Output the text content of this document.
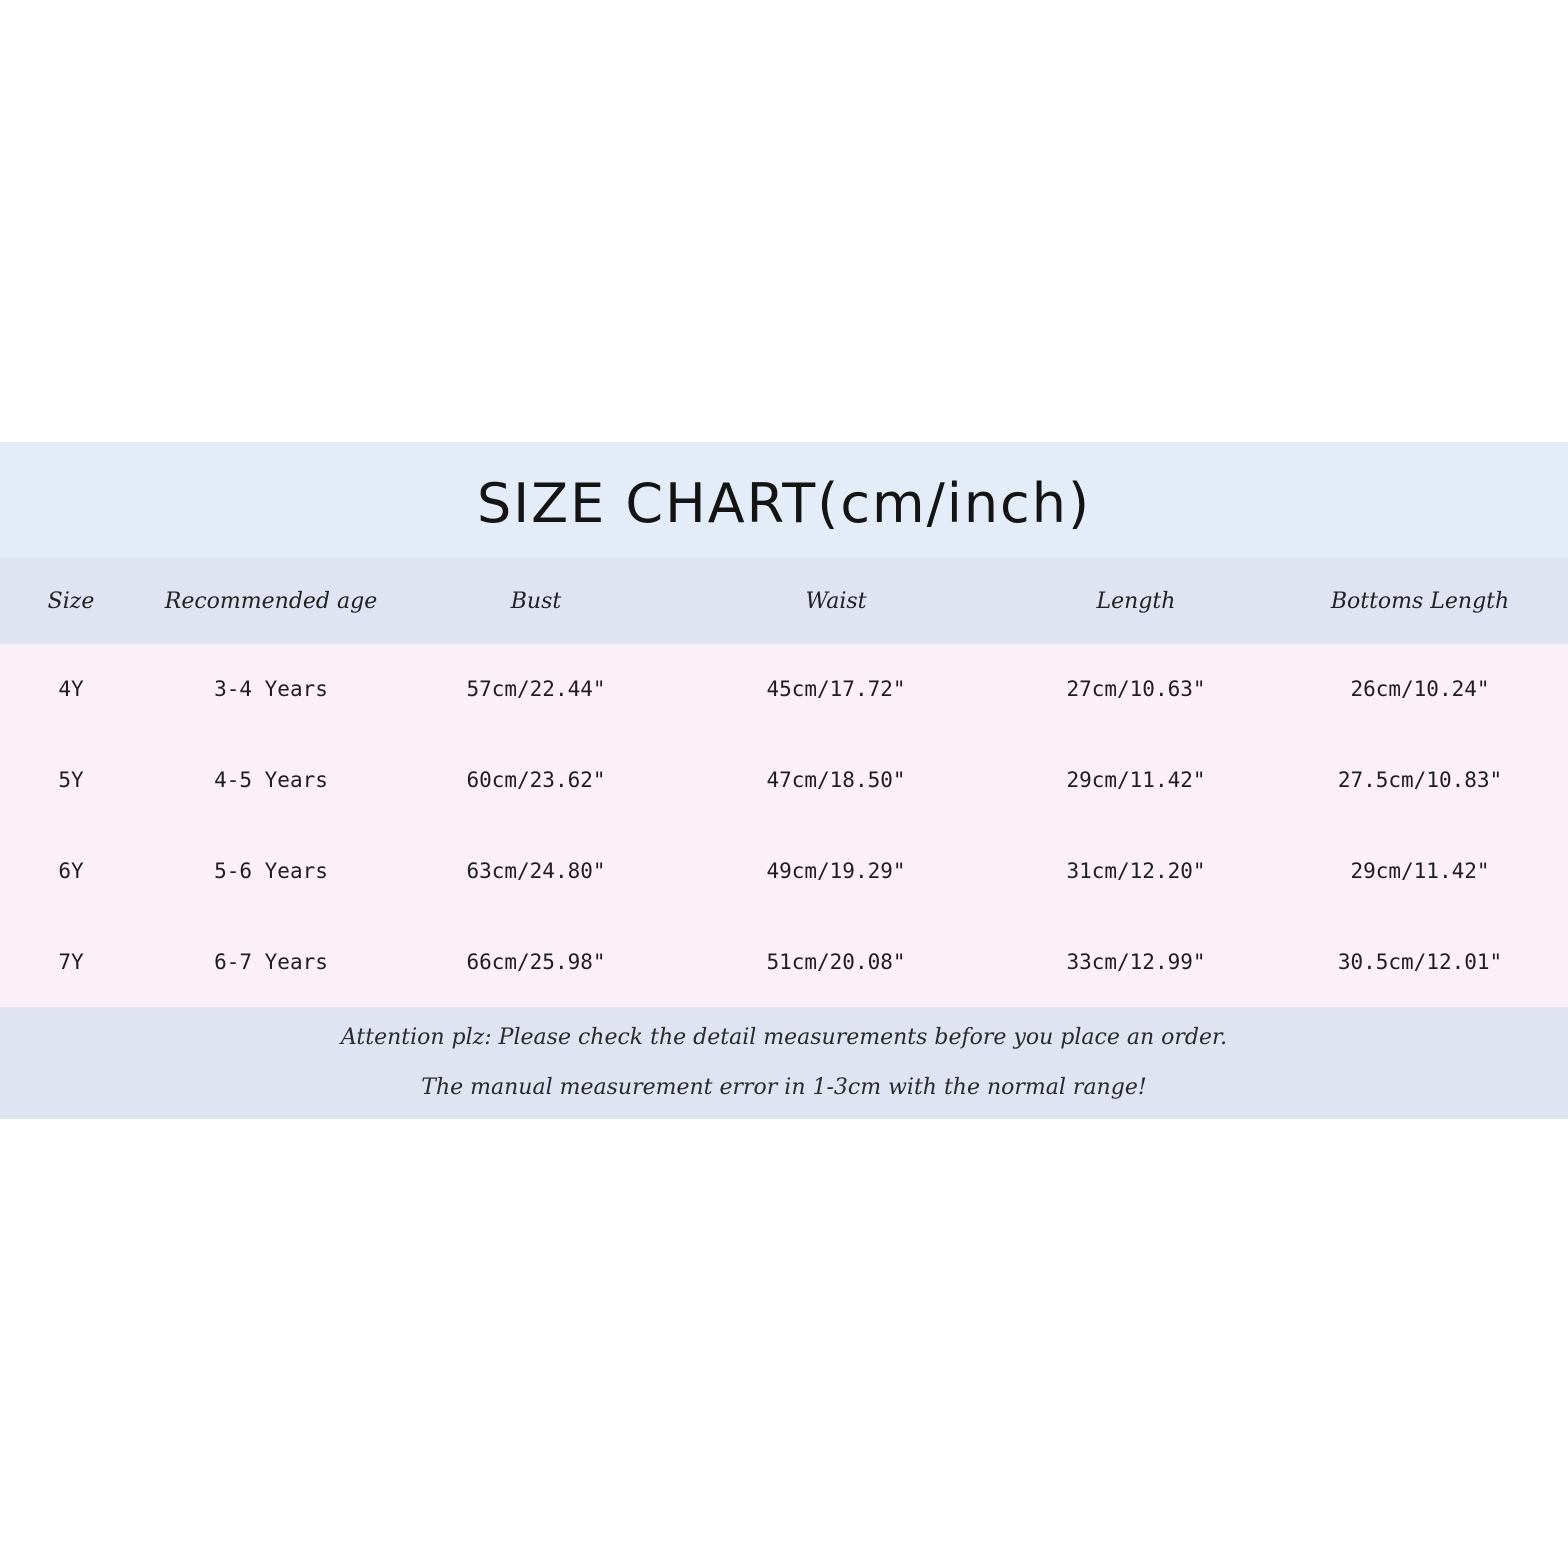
SIZE CHART(cm/inch)
Size	Recommended age	Bust	Waist	Length	Bottoms Length
4Y	3-4 Years	57cm/22.44"	45cm/17.72"	27cm/10.63"	26cm/10.24"
5Y	4-5 Years	60cm/23.62"	47cm/18.50"	29cm/11.42"	27.5cm/10.83"
6Y	5-6 Years	63cm/24.80"	49cm/19.29"	31cm/12.20"	29cm/11.42"
7Y	6-7 Years	66cm/25.98"	51cm/20.08"	33cm/12.99"	30.5cm/12.01"
Attention plz: Please check the detail measurements before you place an order.
The manual measurement error in 1-3cm with the normal range!
